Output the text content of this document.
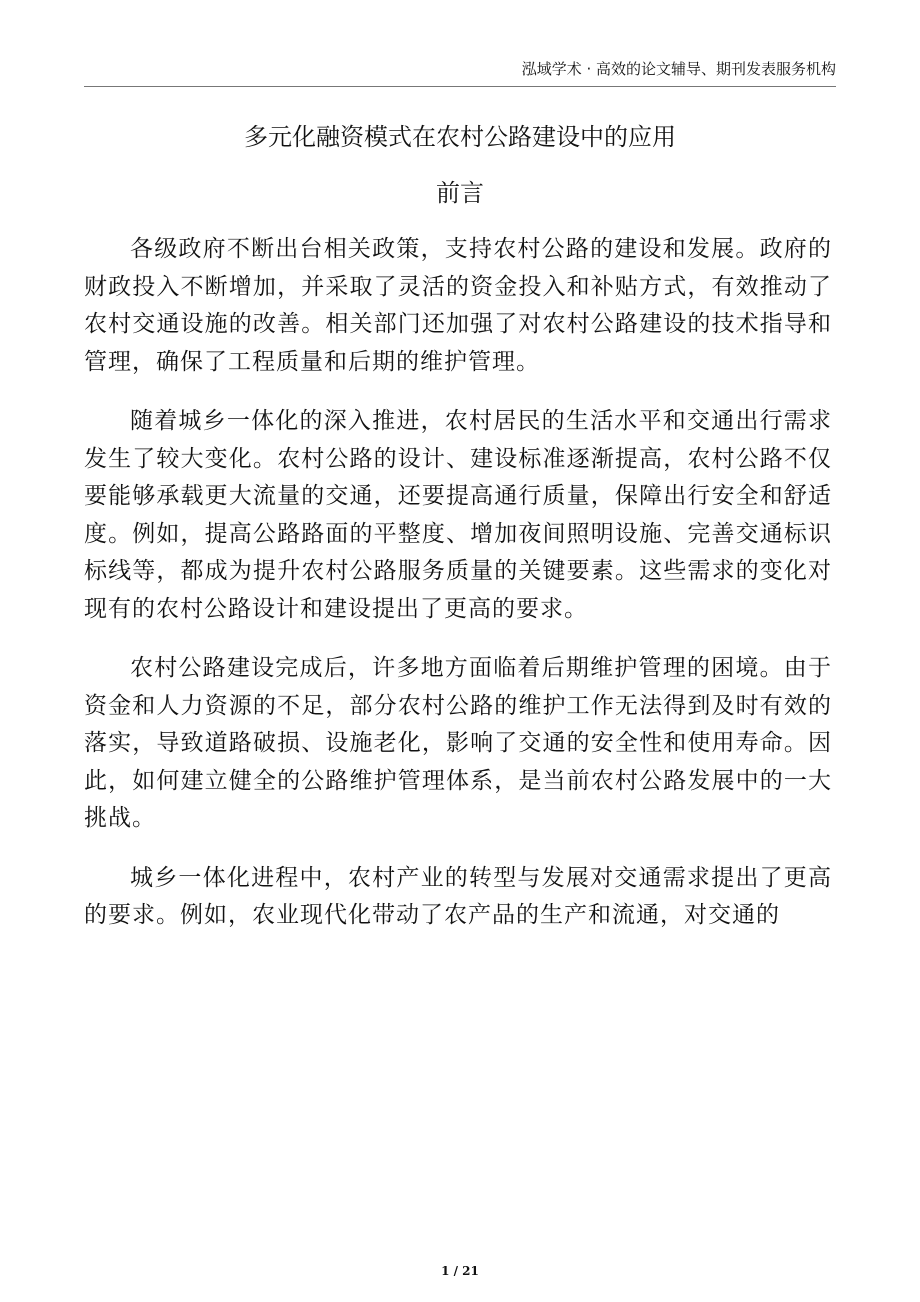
泓域学术 · 高效的论文辅导、期刊发表服务机构
多元化融资模式在农村公路建设中的应用
前言

各级政府不断出台相关政策，支持农村公路的建设和发展。政府的财政投入不断增加，并采取了灵活的资金投入和补贴方式，有效推动了农村交通设施的改善。相关部门还加强了对农村公路建设的技术指导和管理，确保了工程质量和后期的维护管理。

随着城乡一体化的深入推进，农村居民的生活水平和交通出行需求发生了较大变化。农村公路的设计、建设标准逐渐提高，农村公路不仅要能够承载更大流量的交通，还要提高通行质量，保障出行安全和舒适度。例如，提高公路路面的平整度、增加夜间照明设施、完善交通标识标线等，都成为提升农村公路服务质量的关键要素。这些需求的变化对现有的农村公路设计和建设提出了更高的要求。

农村公路建设完成后，许多地方面临着后期维护管理的困境。由于资金和人力资源的不足，部分农村公路的维护工作无法得到及时有效的落实，导致道路破损、设施老化，影响了交通的安全性和使用寿命。因此，如何建立健全的公路维护管理体系，是当前农村公路发展中的一大挑战。

城乡一体化进程中，农村产业的转型与发展对交通需求提出了更高的要求。例如，农业现代化带动了农产品的生产和流通，对交通的

1 / 21
